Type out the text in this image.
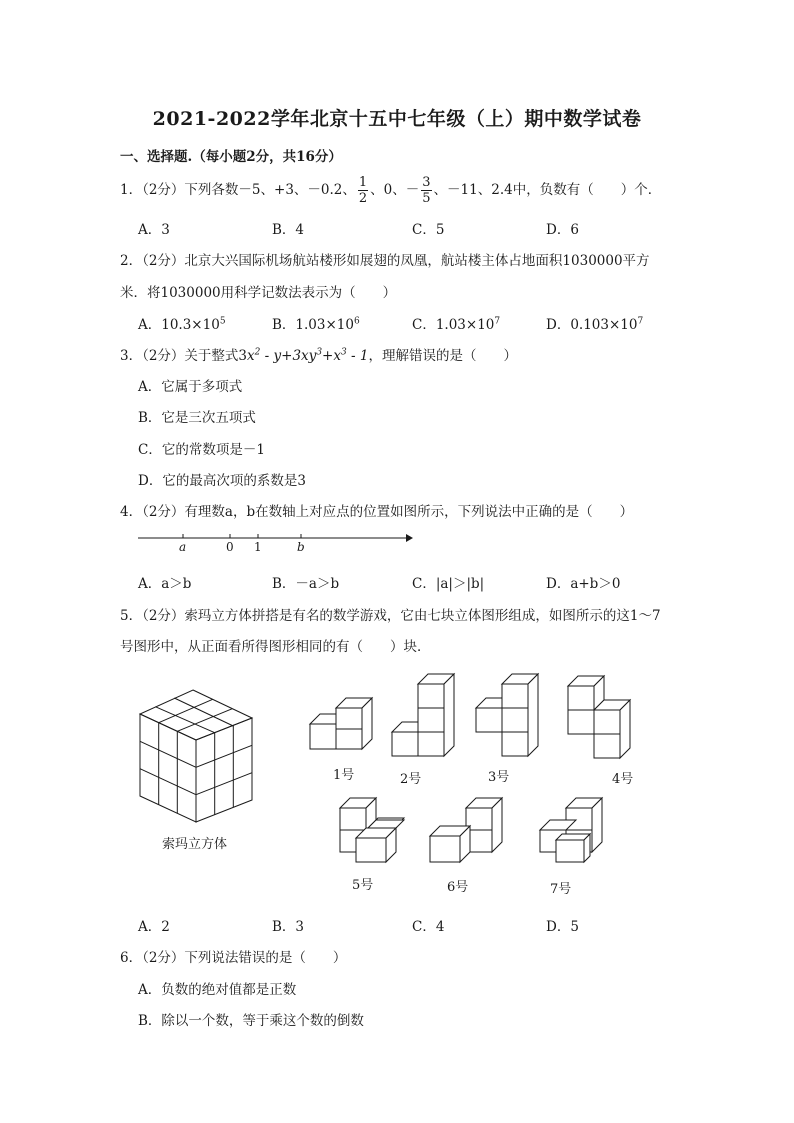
2021-2022学年北京十五中七年级（上）期中数学试卷
一、选择题.（每小题2分，共16分）
1．（2分）下列各数－5、+3、－0.2、 $\frac{1}{2}$ 、0、－ $\frac{3}{5}$ 、－11、2.4中，负数有（　　）个．
A．3	B．4	C．5	D．6
2．（2分）北京大兴国际机场航站楼形如展翅的凤凰，航站楼主体占地面积1030000平方
米．将1030000用科学记数法表示为（　　）
A．$10.3\times 10^5$	B．$1.03\times 10^6$	C．$1.03\times 10^7$	D．$0.103\times 10^7$
3．（2分）关于整式$3x^2 - y+3xy^3+x^3 - 1$，理解错误的是（　　）
A．它属于多项式
B．它是三次五项式
C．它的常数项是－1
D．它的最高次项的系数是3
4．（2分）有理数a，b在数轴上对应点的位置如图所示，下列说法中正确的是（　　）
a	0 1	b
A．a＞b	B．－a＞b	C．|a|＞|b|	D．a+b＞0
5．（2分）索玛立方体拼搭是有名的数学游戏，它由七块立体图形组成，如图所示的这1～7
号图形中，从正面看所得图形相同的有（　　）块．
索玛立方体
1号	2号	3号	4号
5号	6号	7号
A．2	B．3	C．4	D．5
6．（2分）下列说法错误的是（　　）
A．负数的绝对值都是正数
B．除以一个数，等于乘这个数的倒数
